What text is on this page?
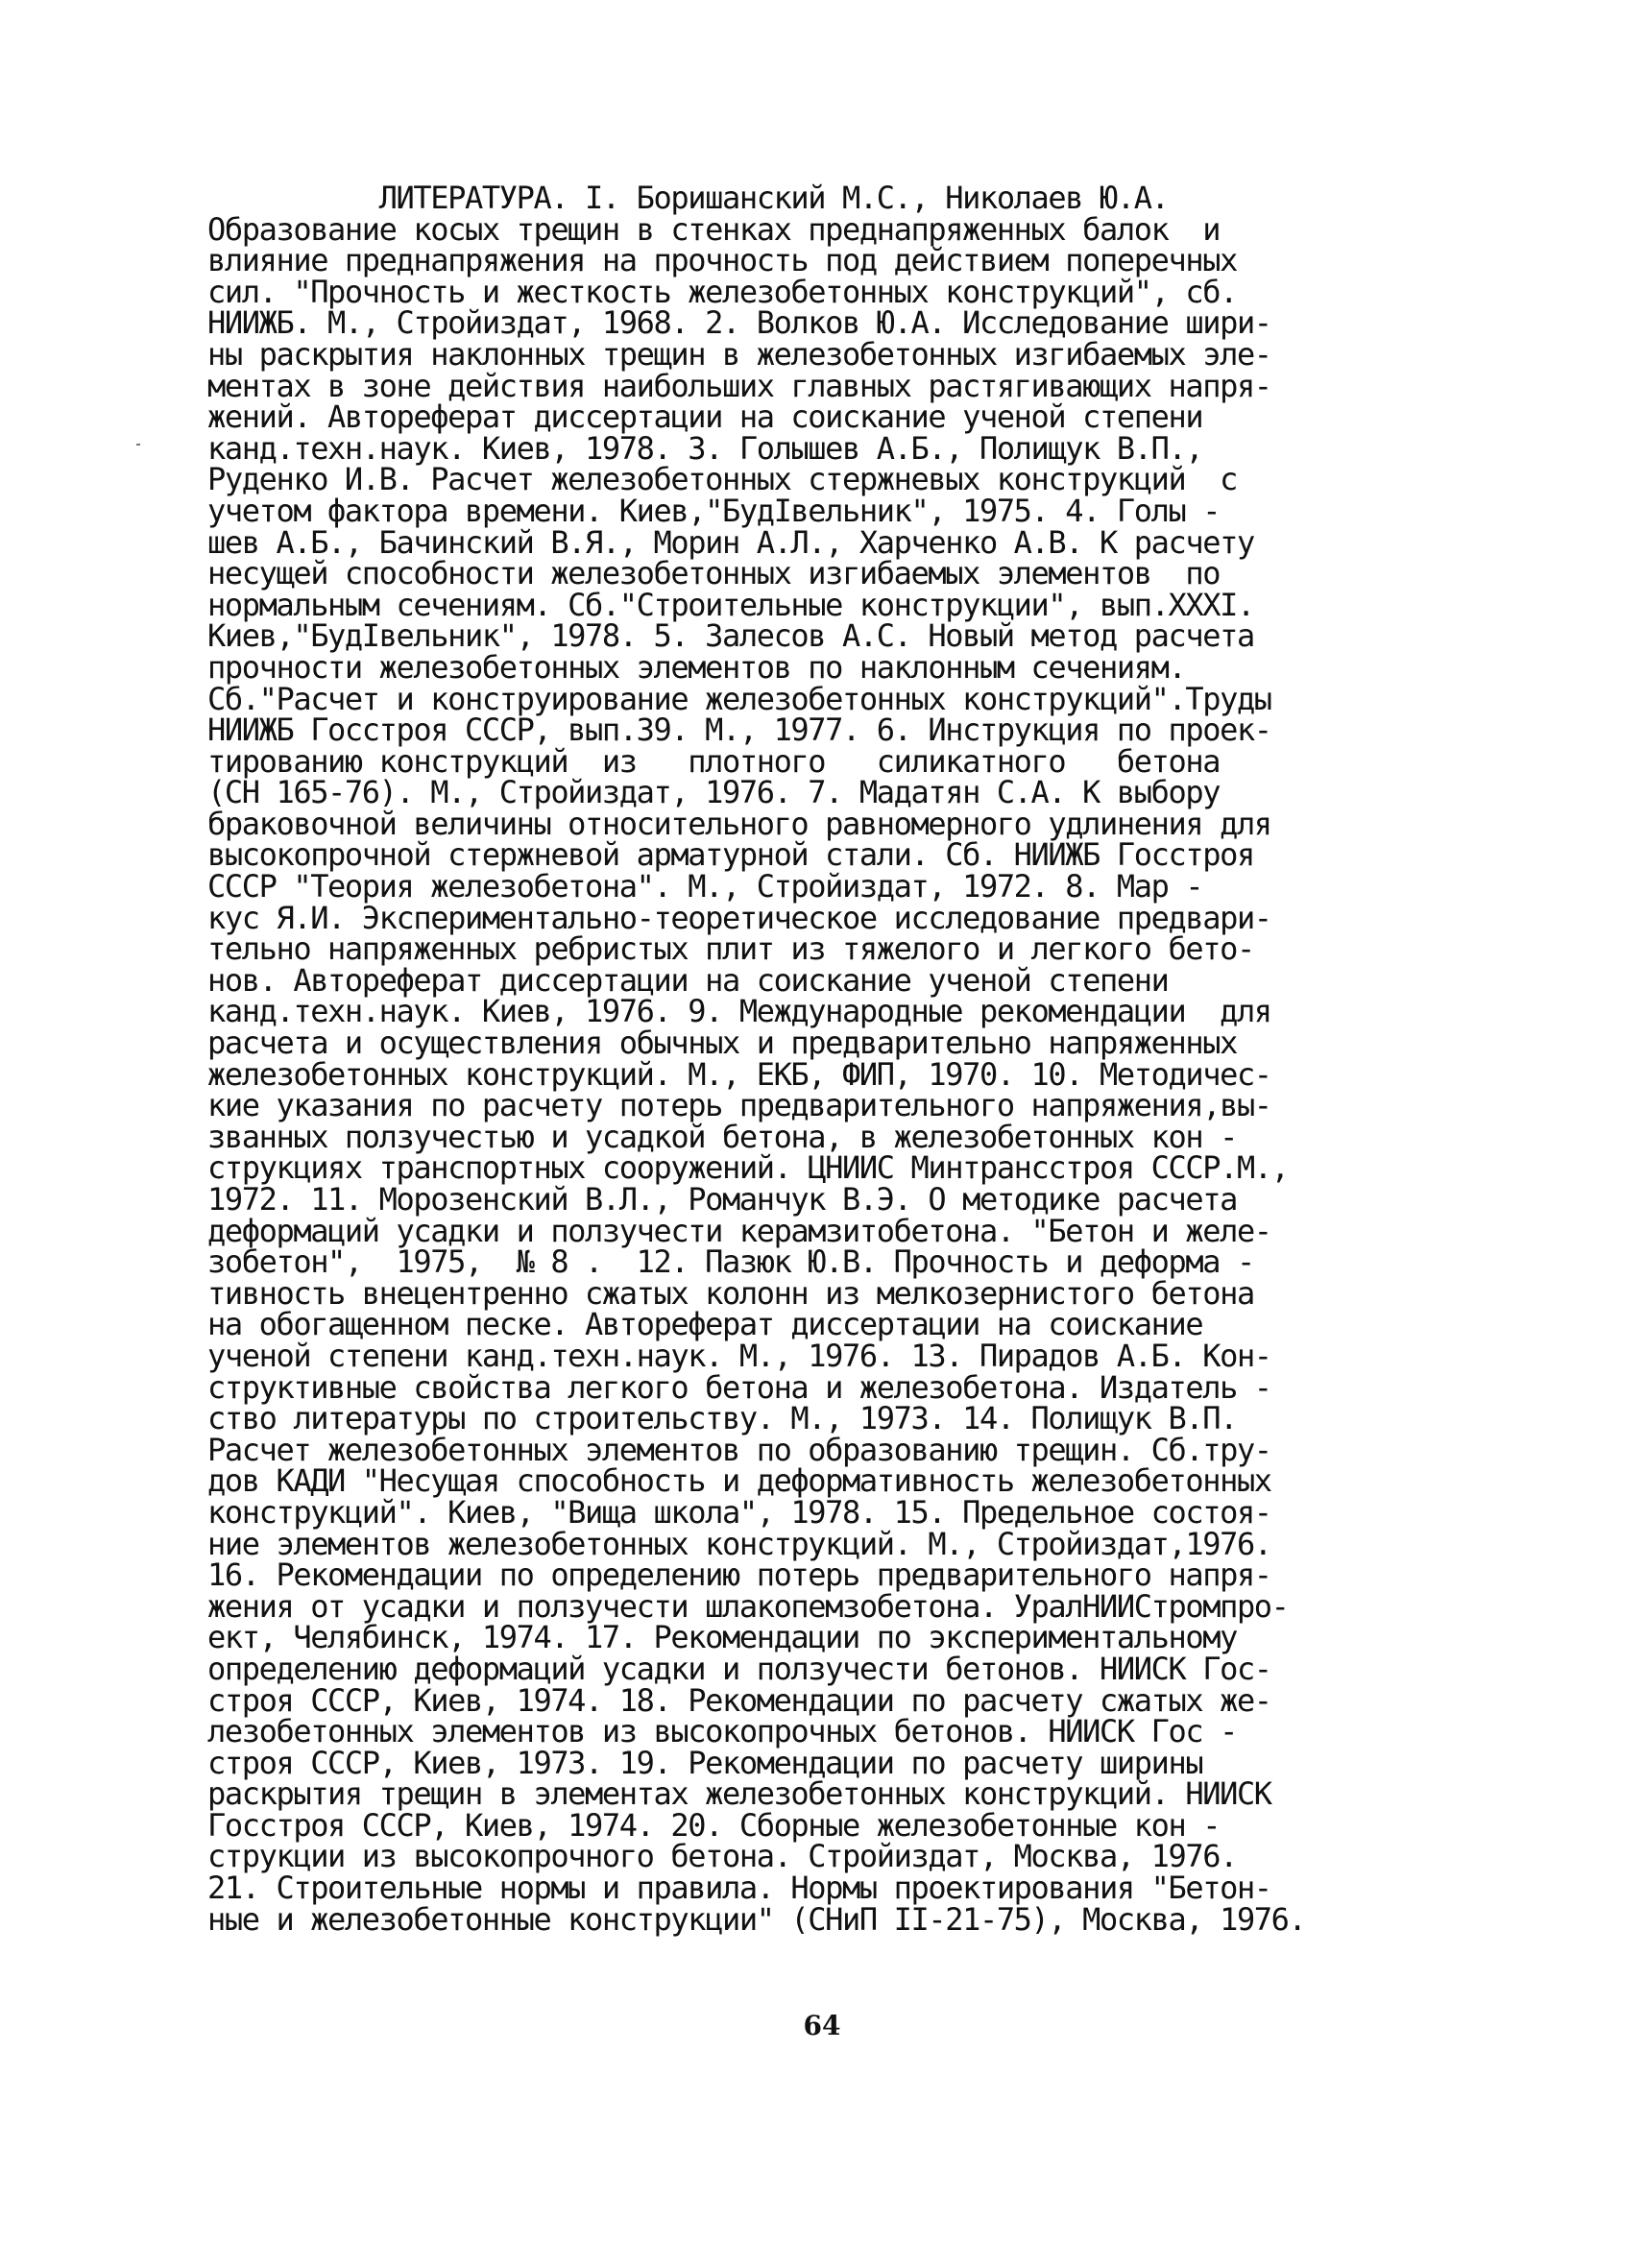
ЛИТЕРАТУРА. I. Боришанский М.С., Николаев Ю.А.
Образование косых трещин в стенках преднапряженных балок  и
влияние преднапряжения на прочность под действием поперечных
сил. "Прочность и жесткость железобетонных конструкций", сб.
НИИЖБ. М., Стройиздат, 1968. 2. Волков Ю.А. Исследование шири-
ны раскрытия наклонных трещин в железобетонных изгибаемых эле-
ментах в зоне действия наибольших главных растягивающих напря-
жений. Автореферат диссертации на соискание ученой степени
канд.техн.наук. Киев, 1978. 3. Голышев А.Б., Полищук В.П.,
Руденко И.В. Расчет железобетонных стержневых конструкций  с
учетом фактора времени. Киев,"БудIвельник", 1975. 4. Голы -
шев А.Б., Бачинский В.Я., Морин А.Л., Харченко А.В. К расчету
несущей способности железобетонных изгибаемых элементов  по
нормальным сечениям. Сб."Строительные конструкции", вып.XXXI.
Киев,"БудIвельник", 1978. 5. Залесов А.С. Новый метод расчета
прочности железобетонных элементов по наклонным сечениям.
Сб."Расчет и конструирование железобетонных конструкций".Труды
НИИЖБ Госстроя СССР, вып.39. М., 1977. 6. Инструкция по проек-
тированию конструкций  из   плотного   силикатного   бетона
(СН 165-76). М., Стройиздат, 1976. 7. Мадатян С.А. К выбору
браковочной величины относительного равномерного удлинения для
высокопрочной стержневой арматурной стали. Сб. НИИЖБ Госстроя
СССР "Теория железобетона". М., Стройиздат, 1972. 8. Мар -
кус Я.И. Экспериментально-теоретическое исследование предвари-
тельно напряженных ребристых плит из тяжелого и легкого бето-
нов. Автореферат диссертации на соискание ученой степени
канд.техн.наук. Киев, 1976. 9. Международные рекомендации  для
расчета и осуществления обычных и предварительно напряженных
железобетонных конструкций. М., ЕКБ, ФИП, 1970. 10. Методичес-
кие указания по расчету потерь предварительного напряжения,вы-
званных ползучестью и усадкой бетона, в железобетонных кон -
струкциях транспортных сооружений. ЦНИИС Минтрансстроя СССР.М.,
1972. 11. Морозенский В.Л., Романчук В.Э. О методике расчета
деформаций усадки и ползучести керамзитобетона. "Бетон и желе-
зобетон",  1975,  № 8 .  12. Пазюк Ю.В. Прочность и деформа -
тивность внецентренно сжатых колонн из мелкозернистого бетона
на обогащенном песке. Автореферат диссертации на соискание
ученой степени канд.техн.наук. М., 1976. 13. Пирадов А.Б. Кон-
структивные свойства легкого бетона и железобетона. Издатель -
ство литературы по строительству. М., 1973. 14. Полищук В.П.
Расчет железобетонных элементов по образованию трещин. Сб.тру-
дов КАДИ "Несущая способность и деформативность железобетонных
конструкций". Киев, "Вища школа", 1978. 15. Предельное состоя-
ние элементов железобетонных конструкций. М., Стройиздат,1976.
16. Рекомендации по определению потерь предварительного напря-
жения от усадки и ползучести шлакопемзобетона. УралНИИСтромпро-
ект, Челябинск, 1974. 17. Рекомендации по экспериментальному
определению деформаций усадки и ползучести бетонов. НИИСК Гос-
строя СССР, Киев, 1974. 18. Рекомендации по расчету сжатых же-
лезобетонных элементов из высокопрочных бетонов. НИИСК Гос -
строя СССР, Киев, 1973. 19. Рекомендации по расчету ширины
раскрытия трещин в элементах железобетонных конструкций. НИИСК
Госстроя СССР, Киев, 1974. 20. Сборные железобетонные кон -
струкции из высокопрочного бетона. Стройиздат, Москва, 1976.
21. Строительные нормы и правила. Нормы проектирования "Бетон-
ные и железобетонные конструкции" (СНиП II-21-75), Москва, 1976.
64
